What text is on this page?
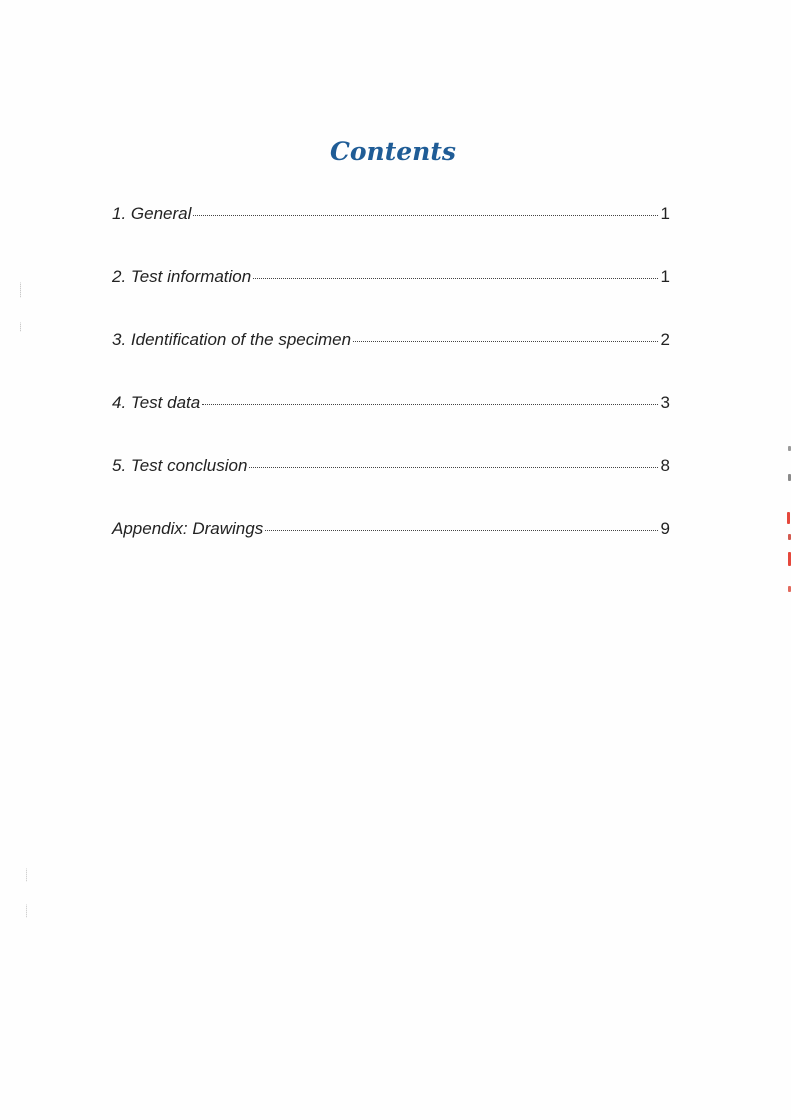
Contents
1. General	1
2. Test information	1
3. Identification of the specimen	2
4. Test data	3
5. Test conclusion	8
Appendix: Drawings	9
